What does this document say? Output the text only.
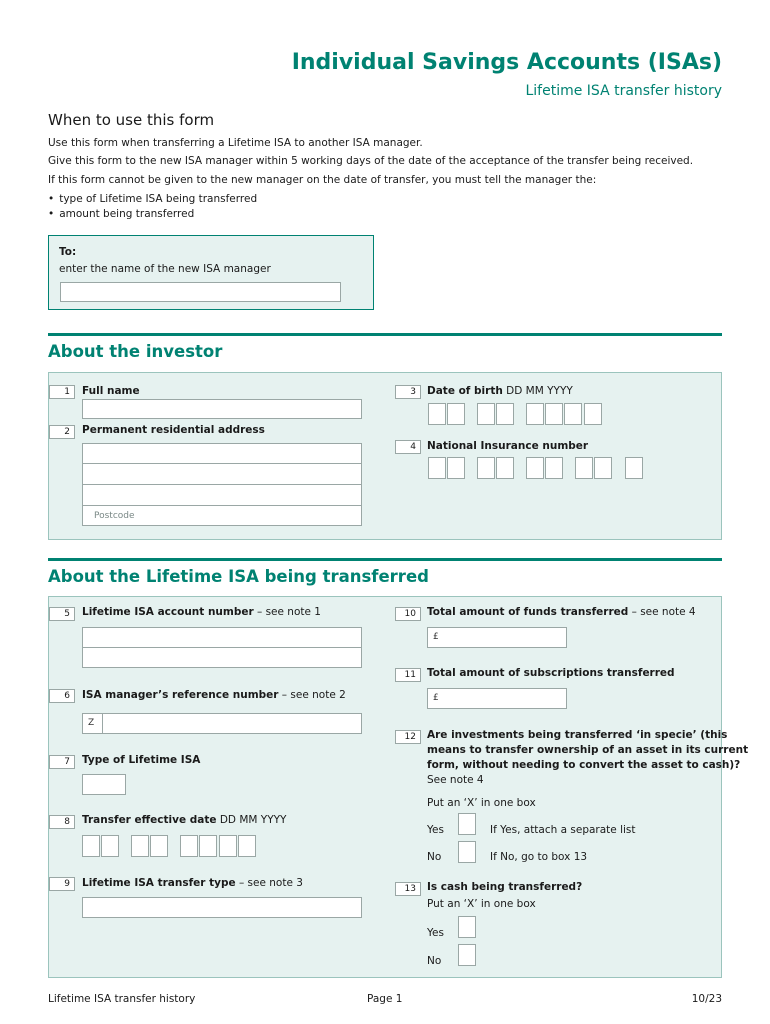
Individual Savings Accounts (ISAs)
Lifetime ISA transfer history
When to use this form
Use this form when transferring a Lifetime ISA to another ISA manager.
Give this form to the new ISA manager within 5 working days of the date of the acceptance of the transfer being received.
If this form cannot be given to the new manager on the date of transfer, you must tell the manager the:
• type of Lifetime ISA being transferred
• amount being transferred
To:
enter the name of the new ISA manager
About the investor
1	Full name
2	Permanent residential address
Postcode
3	Date of birth DD MM YYYY
4	National Insurance number
About the Lifetime ISA being transferred
5	Lifetime ISA account number – see note 1
6	ISA manager’s reference number – see note 2
Z
7	Type of Lifetime ISA
8	Transfer effective date DD MM YYYY
9	Lifetime ISA transfer type – see note 3
10	Total amount of funds transferred – see note 4
£
11	Total amount of subscriptions transferred
£
12	Are investments being transferred ‘in specie’ (this
means to transfer ownership of an asset in its current
form, without needing to convert the asset to cash)?
See note 4
Put an ‘X’ in one box
Yes	If Yes, attach a separate list
No	If No, go to box 13
13	Is cash being transferred?
Put an ‘X’ in one box
Yes
No
Lifetime ISA transfer history	Page 1	10/23
